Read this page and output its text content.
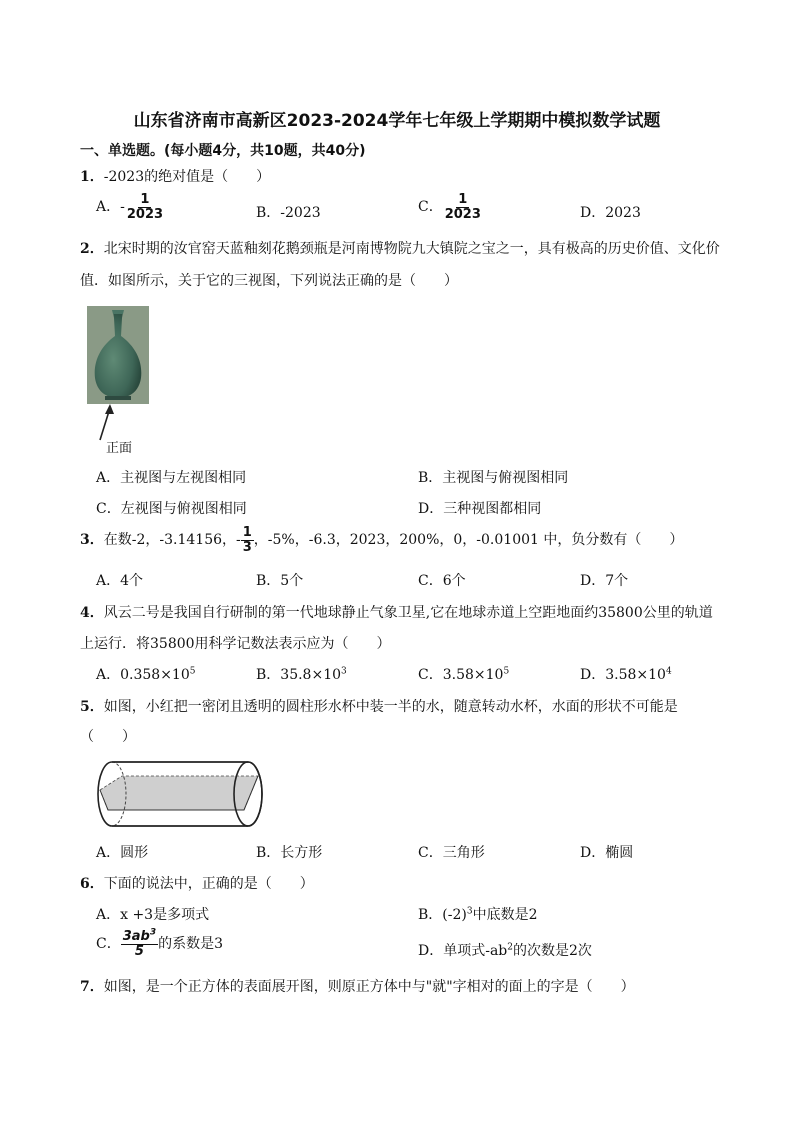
山东省济南市高新区2023-2024学年七年级上学期期中模拟数学试题
一、单选题。(每小题4分，共10题，共40分)
1．-2023的绝对值是（　　）
A．- $\frac{1}{2023}$	B．-2023	C． $\frac{1}{2023}$	D．2023
2．北宋时期的汝官窑天蓝釉刻花鹅颈瓶是河南博物院九大镇院之宝之一，具有极高的历史价值、文化价
值．如图所示，关于它的三视图，下列说法正确的是（　　）
正面
A．主视图与左视图相同	B．主视图与俯视图相同
C．左视图与俯视图相同	D．三种视图都相同
3．在数-2，-3.14156，- $\frac{1}{3}$ ，-5%，-6.3，2023，200%，0，-0.01001 中，负分数有（　　）
A．4个	B．5个	C．6个	D．7个
4．风云二号是我国自行研制的第一代地球静止气象卫星,它在地球赤道上空距地面约35800公里的轨道
上运行．将35800用科学记数法表示应为（　　）
A．$0.358\times 10^5$	B．$35.8\times 10^3$	C．$3.58\times 10^5$	D．$3.58\times 10^4$
5．如图，小红把一密闭且透明的圆柱形水杯中装一半的水，随意转动水杯，水面的形状不可能是
（　　）
A．圆形	B．长方形	C．三角形	D．椭圆
6．下面的说法中，正确的是（　　）
A．x +3是多项式	B．$(-2)^3$中底数是2
C． $\frac{3ab^3}{5}$ 的系数是3	D．单项式$-ab^2$的次数是2次
7．如图，是一个正方体的表面展开图，则原正方体中与"就"字相对的面上的字是（　　）
